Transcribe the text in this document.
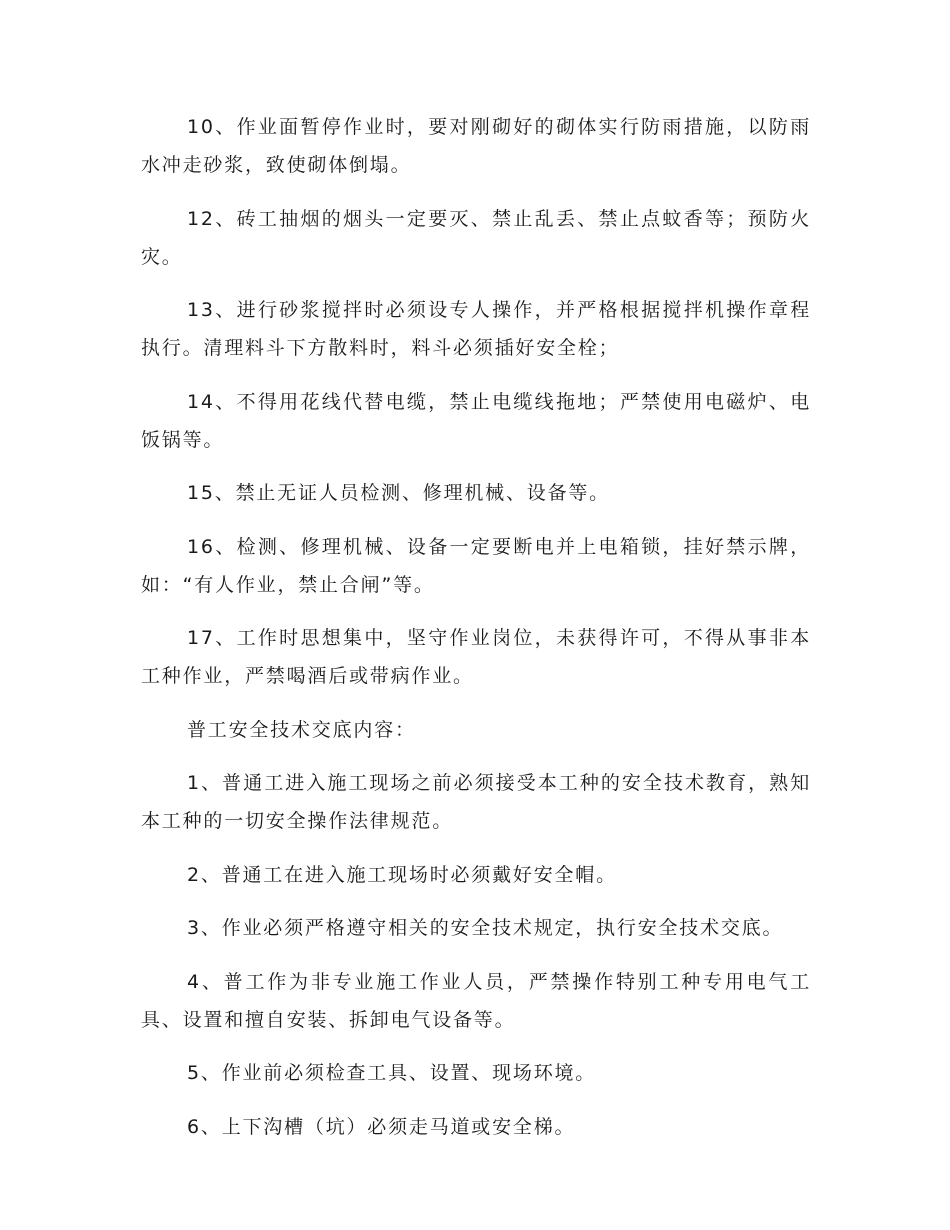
10、作业面暂停作业时，要对刚砌好的砌体实行防雨措施，以防雨水冲走砂浆，致使砌体倒塌。

12、砖工抽烟的烟头一定要灭、禁止乱丢、禁止点蚊香等；预防火灾。

13、进行砂浆搅拌时必须设专人操作，并严格根据搅拌机操作章程执行。清理料斗下方散料时，料斗必须插好安全栓；

14、不得用花线代替电缆，禁止电缆线拖地；严禁使用电磁炉、电饭锅等。

15、禁止无证人员检测、修理机械、设备等。

16、检测、修理机械、设备一定要断电并上电箱锁，挂好禁示牌，如：“有人作业，禁止合闸”等。

17、工作时思想集中，坚守作业岗位，未获得许可，不得从事非本工种作业，严禁喝酒后或带病作业。

普工安全技术交底内容：

1、普通工进入施工现场之前必须接受本工种的安全技术教育，熟知本工种的一切安全操作法律规范。

2、普通工在进入施工现场时必须戴好安全帽。

3、作业必须严格遵守相关的安全技术规定，执行安全技术交底。

4、普工作为非专业施工作业人员，严禁操作特别工种专用电气工具、设置和擅自安装、拆卸电气设备等。

5、作业前必须检查工具、设置、现场环境。

6、上下沟槽（坑）必须走马道或安全梯。
